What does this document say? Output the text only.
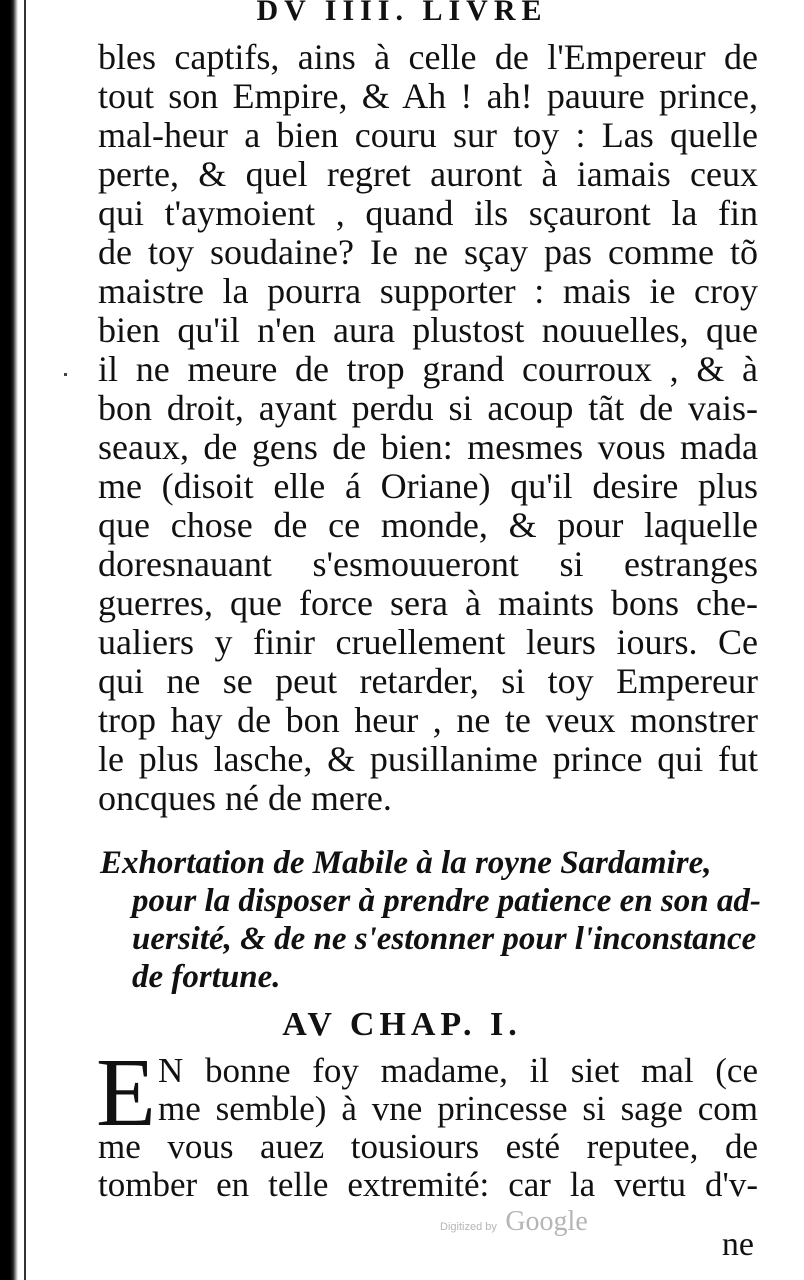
DV IIII. LIVRE
bles captifs, ains à celle de l'Empereur de
tout son Empire, & Ah ! ah! pauure prince,
mal-heur a bien couru sur toy : Las quelle
perte, & quel regret auront à iamais ceux
qui t'aymoient , quand ils sçauront la fin
de toy soudaine? Ie ne sçay pas comme tõ
maistre la pourra supporter : mais ie croy
bien qu'il n'en aura plustost nouuelles, que
il ne meure de trop grand courroux , & à
bon droit, ayant perdu si acoup tãt de vais-
seaux, de gens de bien: mesmes vous mada
me (disoit elle á Oriane) qu'il desire plus
que chose de ce monde, & pour laquelle
doresnauant s'esmouueront si estranges
guerres, que force sera à maints bons che-
ualiers y finir cruellement leurs iours. Ce
qui ne se peut retarder, si toy Empereur
trop hay de bon heur , ne te veux monstrer
le plus lasche, & pusillanime prince qui fut
oncques né de mere.
Exhortation de Mabile à la royne Sardamire,
pour la disposer à prendre patience en son ad-
uersité, & de ne s'estonner pour l'inconstance
de fortune.
AV CHAP. I.
E N bonne foy madame, il siet mal (ce
me semble) à vne princesse si sage com
me vous auez tousiours esté reputee, de
tomber en telle extremité: car la vertu d'v-
Digitized by Google
ne
